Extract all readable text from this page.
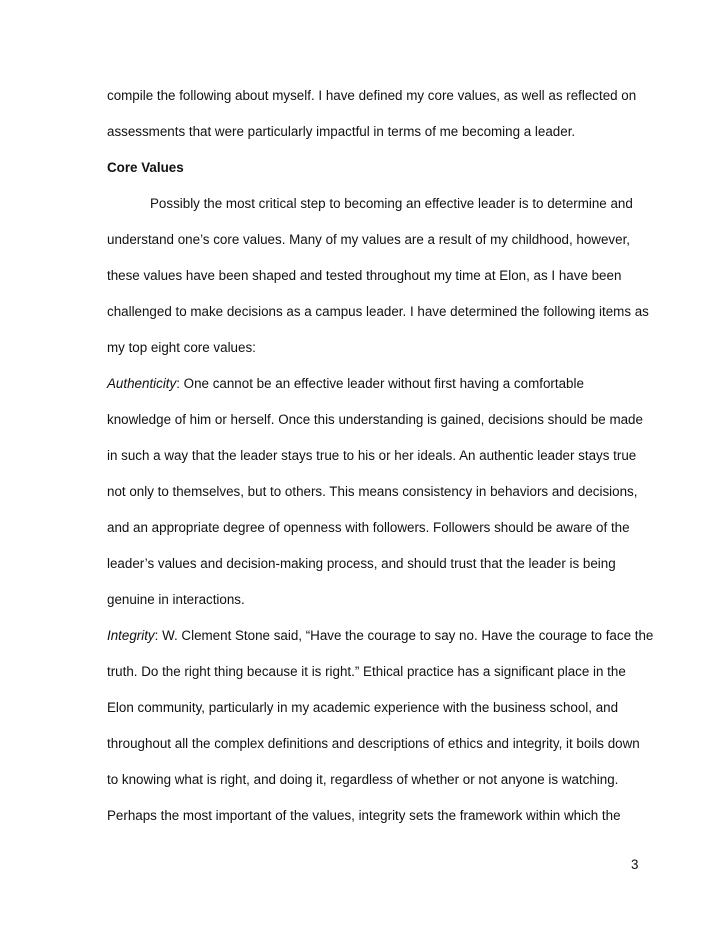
compile the following about myself. I have defined my core values, as well as reflected on
assessments that were particularly impactful in terms of me becoming a leader.
Core Values
Possibly the most critical step to becoming an effective leader is to determine and
understand one’s core values. Many of my values are a result of my childhood, however,
these values have been shaped and tested throughout my time at Elon, as I have been
challenged to make decisions as a campus leader. I have determined the following items as
my top eight core values:
Authenticity: One cannot be an effective leader without first having a comfortable
knowledge of him or herself. Once this understanding is gained, decisions should be made
in such a way that the leader stays true to his or her ideals. An authentic leader stays true
not only to themselves, but to others. This means consistency in behaviors and decisions,
and an appropriate degree of openness with followers. Followers should be aware of the
leader’s values and decision-making process, and should trust that the leader is being
genuine in interactions.
Integrity: W. Clement Stone said, “Have the courage to say no. Have the courage to face the
truth. Do the right thing because it is right.” Ethical practice has a significant place in the
Elon community, particularly in my academic experience with the business school, and
throughout all the complex definitions and descriptions of ethics and integrity, it boils down
to knowing what is right, and doing it, regardless of whether or not anyone is watching.
Perhaps the most important of the values, integrity sets the framework within which the
3
